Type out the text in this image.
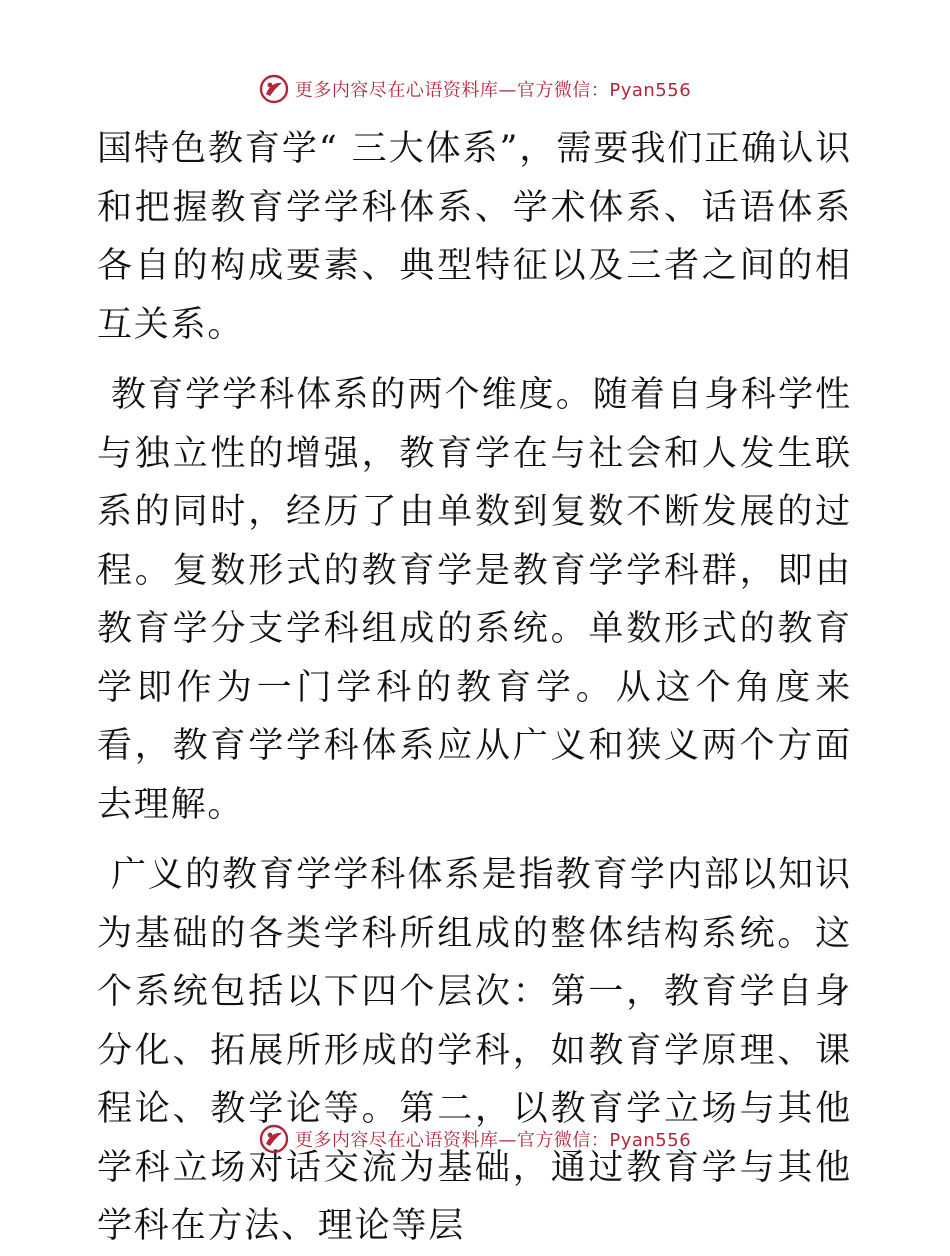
更多内容尽在心语资料库—官方微信：Pyan556

国特色教育学“ 三大体系”，需要我们正确认识和把握教育学学科体系、学术体系、话语体系各自的构成要素、典型特征以及三者之间的相互关系。

教育学学科体系的两个维度。随着自身科学性与独立性的增强，教育学在与社会和人发生联系的同时，经历了由单数到复数不断发展的过程。复数形式的教育学是教育学学科群，即由教育学分支学科组成的系统。单数形式的教育学即作为一门学科的教育学。从这个角度来看，教育学学科体系应从广义和狭义两个方面去理解。

广义的教育学学科体系是指教育学内部以知识为基础的各类学科所组成的整体结构系统。这个系统包括以下四个层次：第一，教育学自身分化、拓展所形成的学科，如教育学原理、课程论、教学论等。第二，以教育学立场与其他学科立场对话交流为基础，通过教育学与其他学科在方法、理论等层

更多内容尽在心语资料库—官方微信：Pyan556
